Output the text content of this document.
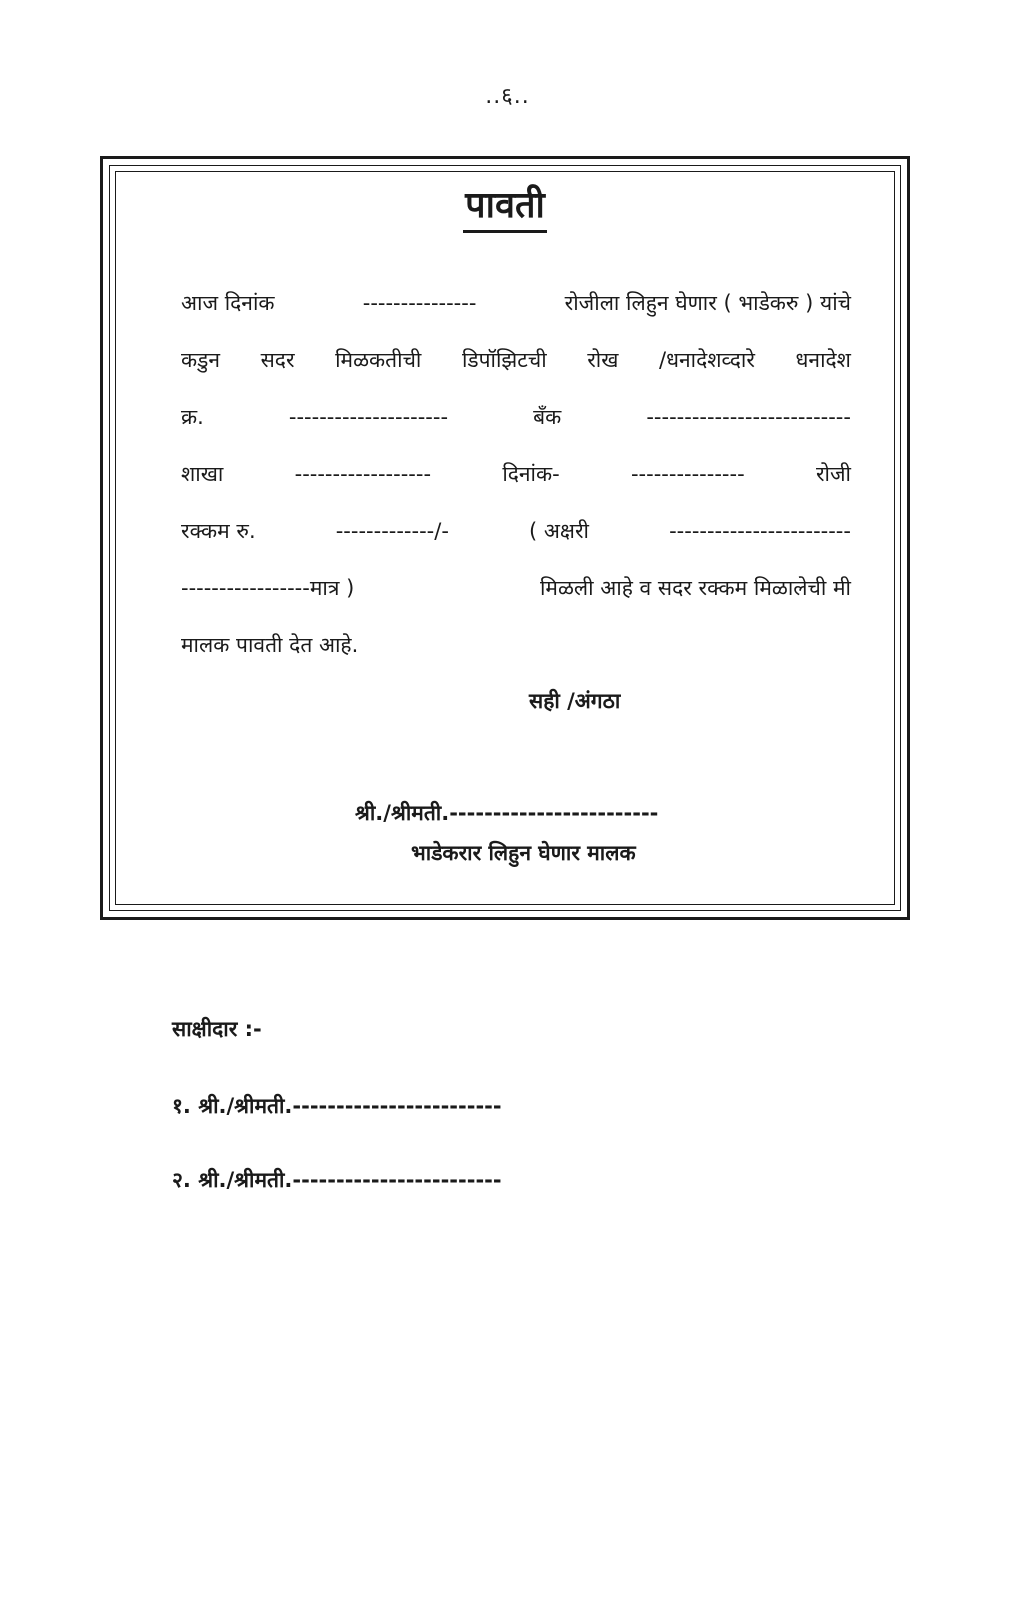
..६..
पावती
आज दिनांक	---------------	रोजीला लिहुन घेणार ( भाडेकरु ) यांचे
कडुन सदर मिळकतीची डिपॉझिटची रोख /धनादेशव्दारे धनादेश
क्र.	---------------------	बँक	---------------------------
शाखा	------------------	दिनांक-	---------------	रोजी
रक्कम रु.	-------------/-	( अक्षरी	------------------------
-----------------मात्र )	मिळली आहे व सदर रक्कम मिळालेची मी
मालक पावती देत आहे.
सही /अंगठा
श्री./श्रीमती.------------------------
भाडेकरार लिहुन घेणार मालक
साक्षीदार :-
१. श्री./श्रीमती.------------------------
२. श्री./श्रीमती.------------------------
